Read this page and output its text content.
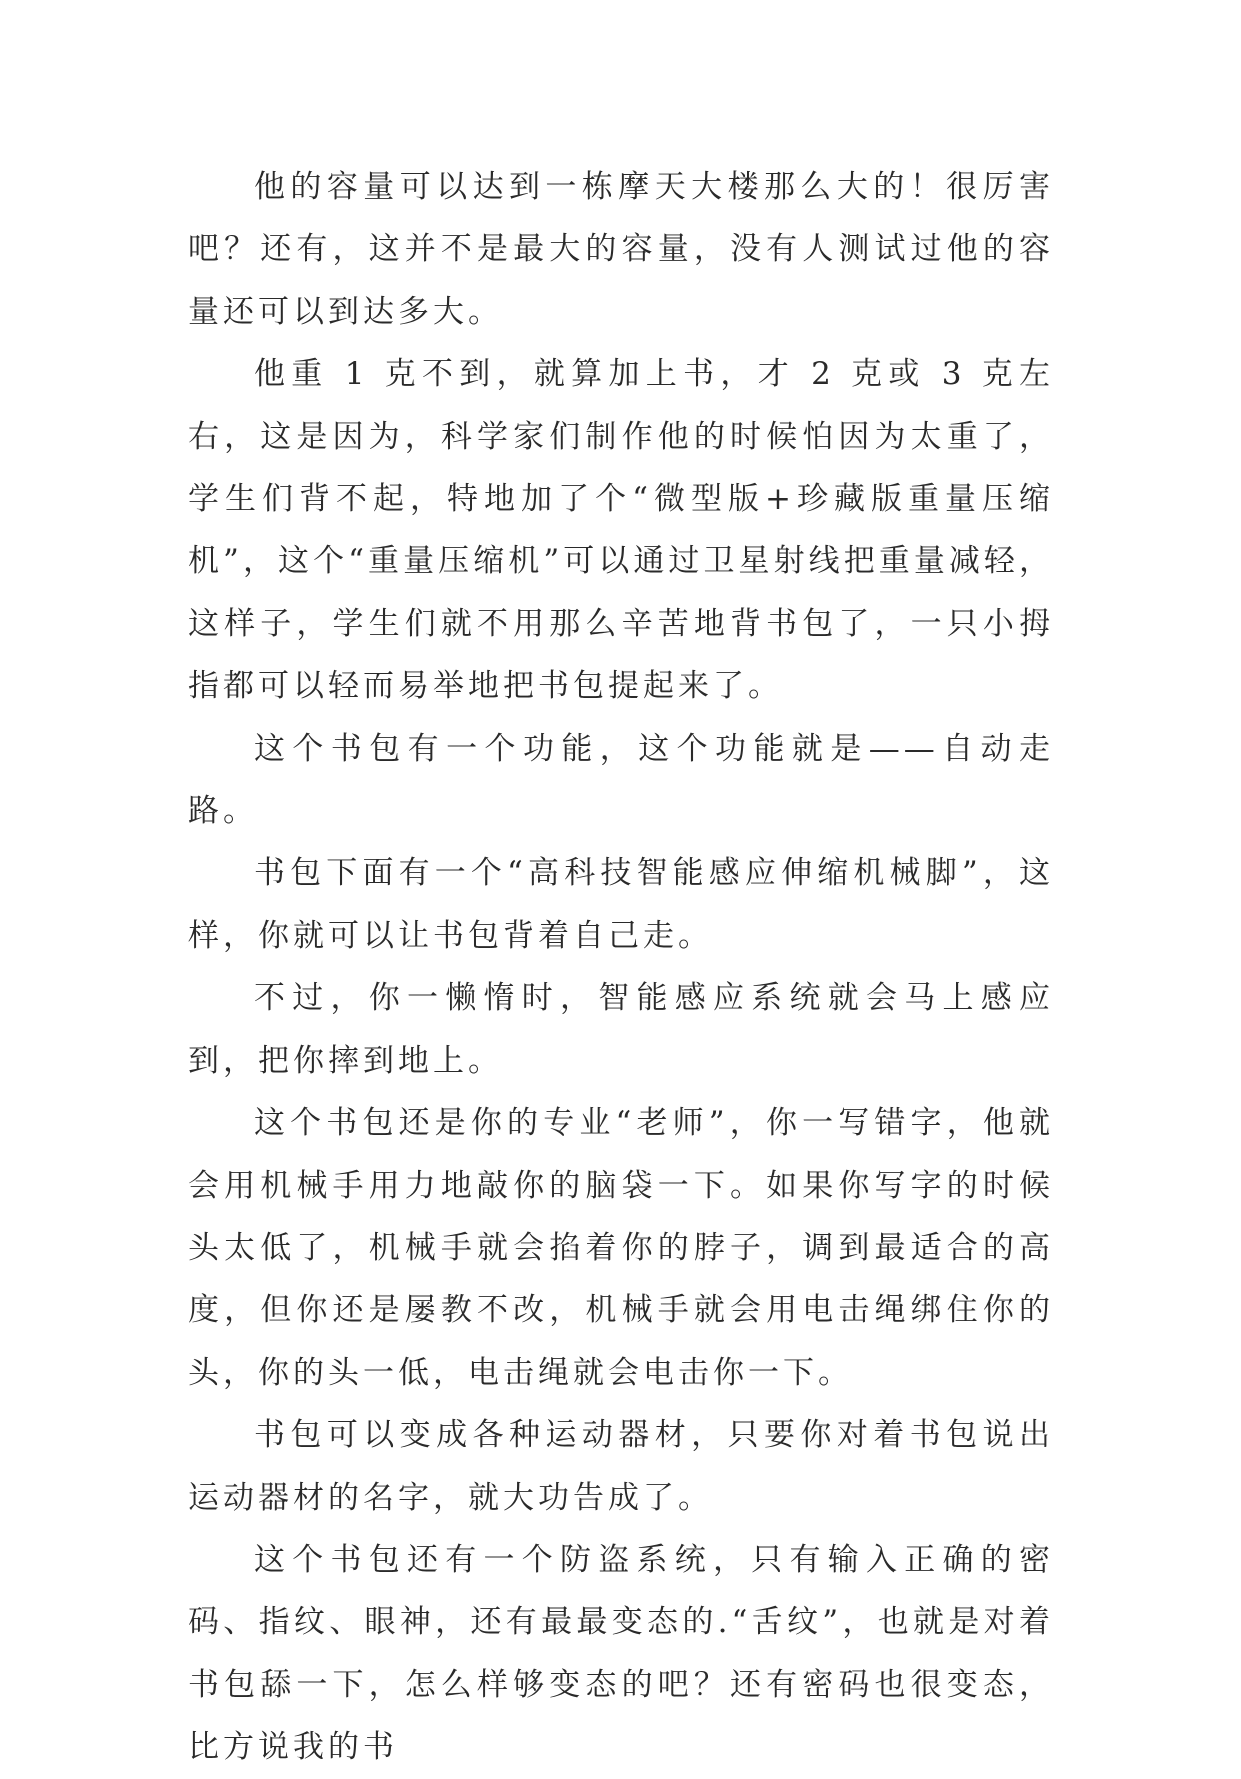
他的容量可以达到一栋摩天大楼那么大的！很厉害吧？还有，这并不是最大的容量，没有人测试过他的容量还可以到达多大。

他重 1 克不到，就算加上书，才 2 克或 3 克左右，这是因为，科学家们制作他的时候怕因为太重了，学生们背不起，特地加了个“微型版+珍藏版重量压缩机”，这个“重量压缩机”可以通过卫星射线把重量减轻，这样子，学生们就不用那么辛苦地背书包了，一只小拇指都可以轻而易举地把书包提起来了。

这个书包有一个功能，这个功能就是——自动走路。

书包下面有一个“高科技智能感应伸缩机械脚”，这样，你就可以让书包背着自己走。

不过，你一懒惰时，智能感应系统就会马上感应到，把你摔到地上。

这个书包还是你的专业“老师”，你一写错字，他就会用机械手用力地敲你的脑袋一下。如果你写字的时候头太低了，机械手就会掐着你的脖子，调到最适合的高度，但你还是屡教不改，机械手就会用电击绳绑住你的头，你的头一低，电击绳就会电击你一下。

书包可以变成各种运动器材，只要你对着书包说出运动器材的名字，就大功告成了。

这个书包还有一个防盗系统，只有输入正确的密码、指纹、眼神，还有最最变态的.“舌纹”，也就是对着书包舔一下，怎么样够变态的吧？还有密码也很变态，比方说我的书
